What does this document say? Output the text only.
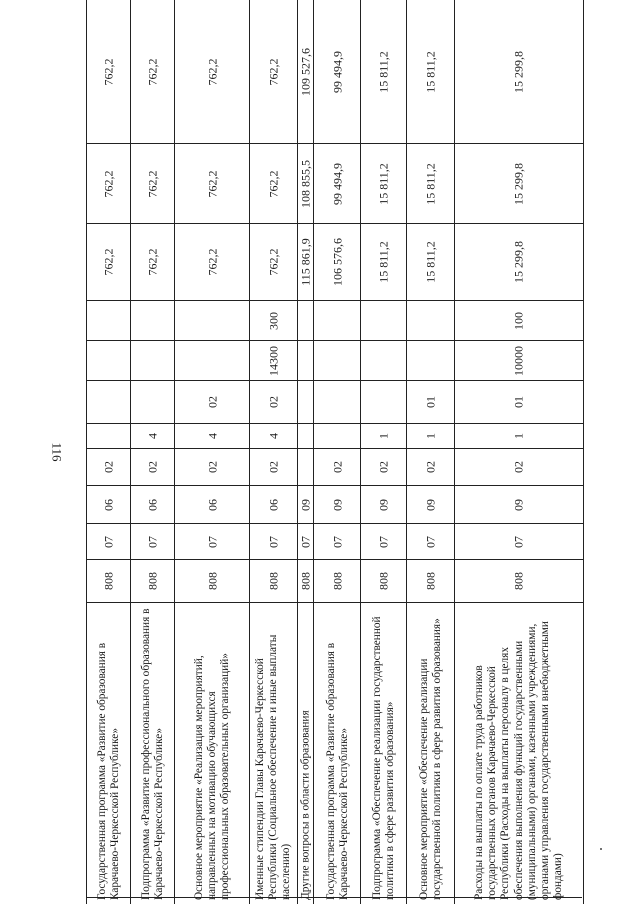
116
762,2
762,2
762,2
02
06
07
808
Государственная программа «Развитие образования в Карачаево-Черкесской Республике»
762,2
762,2
762,2
4
02
06
07
808
Подпрограмма «Развитие профессионального образования в Карачаево-Черкесской Республике»
762,2
762,2
762,2
02
4
02
06
07
808
Основное мероприятие «Реализация мероприятий, направленных на мотивацию обучающихся профессиональных образовательных организаций»
762,2
762,2
762,2
300
14300
02
4
02
06
07
808
Именные стипендии Главы Карачаево-Черкесской Республики (Социальное обеспечение и иные выплаты населению)
109 527,6
108 855,5
115 861,9
09
07
808
Другие вопросы в области образования
99 494,9
99 494,9
106 576,6
02
09
07
808
Государственная программа «Развитие образования в Карачаево-Черкесской Республике»
15 811,2
15 811,2
15 811,2
1
02
09
07
808
Подпрограмма «Обеспечение реализации государственной политики в сфере развития образования»
15 811,2
15 811,2
15 811,2
01
1
02
09
07
808
Основное мероприятие «Обеспечение реализации государственной политики в сфере развития образования»
15 299,8
15 299,8
15 299,8
100
10000
01
1
02
09
07
808
Расходы на выплаты по оплате труда работников государственных органов Карачаево-Черкесской Республики (Расходы на выплаты персоналу в целях обеспечения выполнения функций государственными (муниципальными) органами, казенными учреждениями, органами управления государственными внебюджетными фондами)
